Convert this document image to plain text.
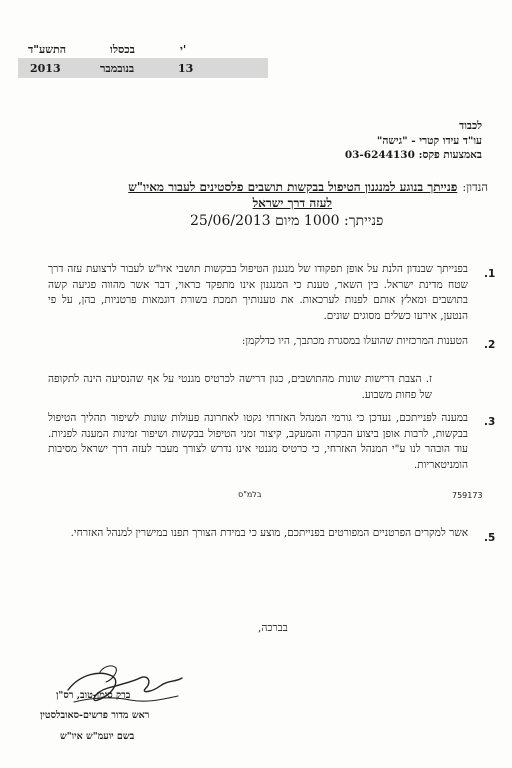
י'
בכסלו
התשע"ד
13
בנובמבר
2013
לכבוד
עו"ד עידו קטרי - "גישה"
באמצעות פקס: 03-6244130
הנדון: פנייתך בנוגע למנגנון הטיפול בבקשות תושבים פלסטינים לעבור מאיו"ש
לעזה דרך ישראל
פנייתך: 1000 מיום 25/06/2013
.1
בפנייתך שבנדון הלנת על אופן תפקודו של מנגנון הטיפול בבקשות תושבי איו"ש לעבור לרצועת עזה דרך שטח מדינת ישראל. בין השאר, טענת כי המנגנון אינו מתפקד כראוי, דבר אשר מהווה פגיעה קשה בתושבים ומאלץ אותם לפנות לערכאות. את טענותיך תמכת בשורת דוגמאות פרטניות, בהן, על פי הנטען, אירעו כשלים מסוגים שונים.
.2
הטענות המרכזיות שהועלו במסגרת מכתבך, היו כדלקמן:
ז. הצבת דרישות שונות מהתושבים, כגון דרישה לכרטיס מגנטי על אף שהנסיעה הינה לתקופה של פחות משבוע.
.3
במענה לפנייתכם, נעדכן כי גורמי המנהל האזרחי נקטו לאחרונה פעולות שונות לשיפור תהליך הטיפול בבקשות, לרבות אופן ביצוע הבקרה והמעקב, קיצור זמני הטיפול בבקשות ושיפור זמינות המענה לפניות. עוד הובהר לנו ע"י המנהל האזרחי, כי כרטיס מגנטי אינו נדרש לצורך מעבר לעזה דרך ישראל מסיבות הומניטאריות.
בלמ"ס	759173
.5
אשר למקרים הפרטניים המפורטים בפנייתכם, מוצע כי במידת הצורך תפנו במישרין למנהל האזרחי.
בברכה,
ברק סימן-טוב, רס"ן
ראש מדור פרשים-סאובלסטין
בשם יועמ"ש איו"ש
